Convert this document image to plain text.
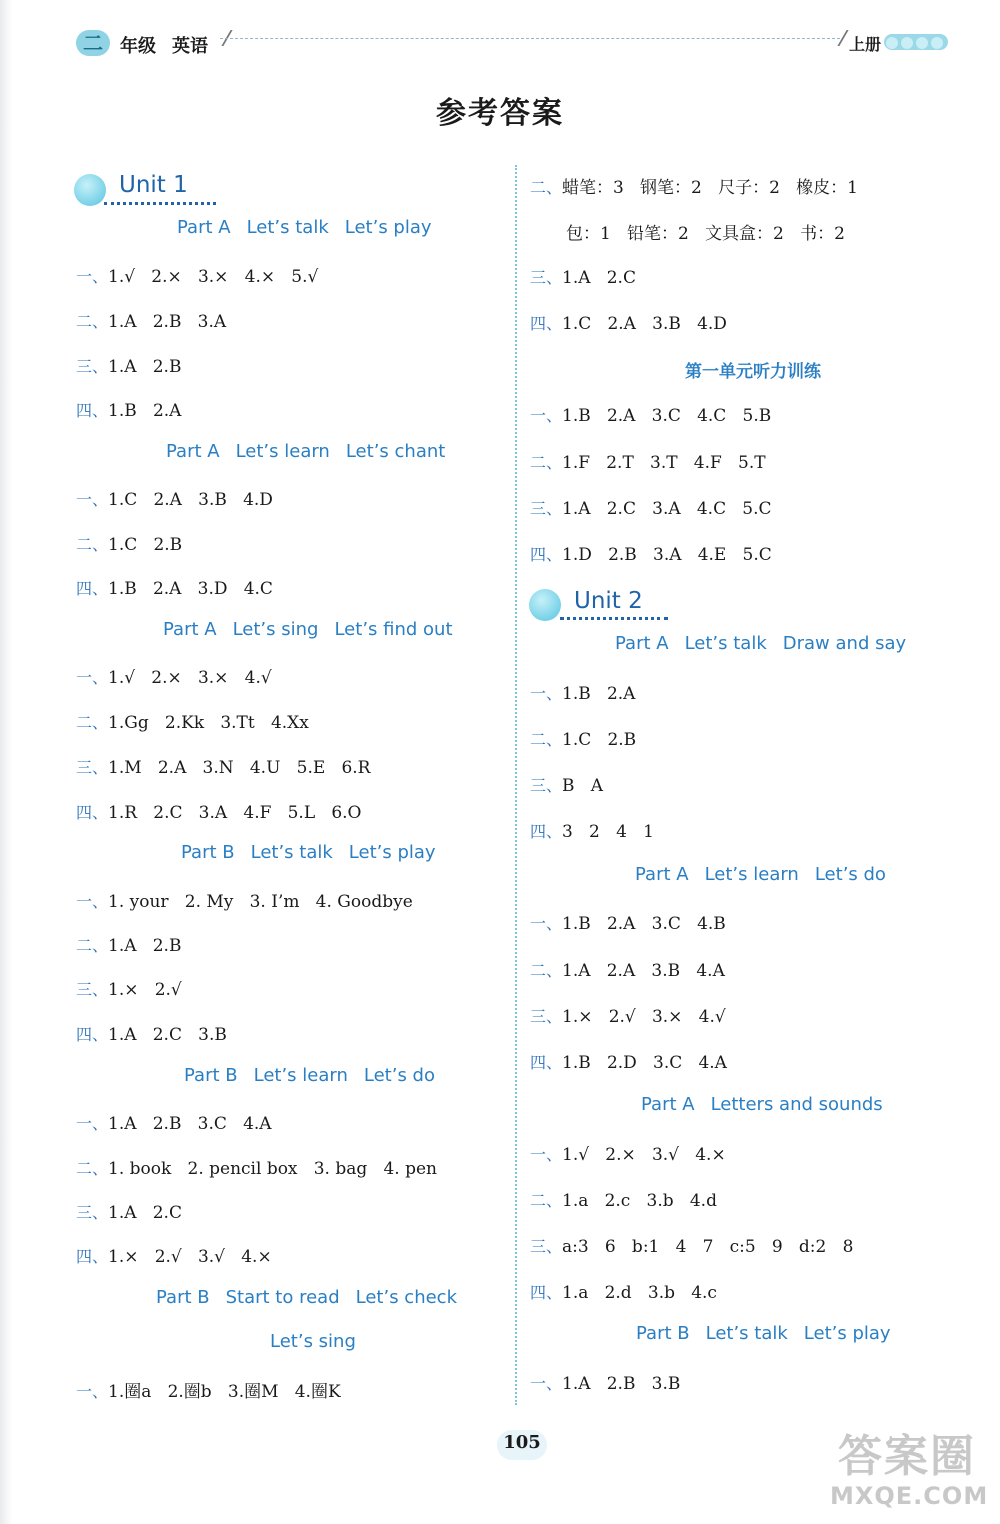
二 年级 英语	上册
参考答案
Unit 1
Part A Let’s talk Let’s play
一、1.√   2.×   3.×   4.×   5.√
二、1.A   2.B   3.A
三、1.A   2.B
四、1.B   2.A
Part A Let’s learn Let’s chant
一、1.C   2.A   3.B   4.D
二、1.C   2.B
四、1.B   2.A   3.D   4.C
Part A Let’s sing Let’s find out
一、1.√   2.×   3.×   4.√
二、1.Gg   2.Kk   3.Tt   4.Xx
三、1.M   2.A   3.N   4.U   5.E   6.R
四、1.R   2.C   3.A   4.F   5.L   6.O
Part B Let’s talk Let’s play
一、1. your   2. My   3. I’m   4. Goodbye
二、1.A   2.B
三、1.×   2.√
四、1.A   2.C   3.B
Part B Let’s learn Let’s do
一、1.A   2.B   3.C   4.A
二、1. book   2. pencil box   3. bag   4. pen
三、1.A   2.C
四、1.×   2.√   3.√   4.×
Part B Start to read Let’s check
Let’s sing
一、1.圈a   2.圈b   3.圈M   4.圈K
二、蜡笔：3   钢笔：2   尺子：2   橡皮：1
包：1   铅笔：2   文具盒：2   书：2
三、1.A   2.C
四、1.C   2.A   3.B   4.D
第一单元听力训练
一、1.B   2.A   3.C   4.C   5.B
二、1.F   2.T   3.T   4.F   5.T
三、1.A   2.C   3.A   4.C   5.C
四、1.D   2.B   3.A   4.E   5.C
Unit 2
Part A Let’s talk Draw and say
一、1.B   2.A
二、1.C   2.B
三、B   A
四、3   2   4   1
Part A Let’s learn Let’s do
一、1.B   2.A   3.C   4.B
二、1.A   2.A   3.B   4.A
三、1.×   2.√   3.×   4.√
四、1.B   2.D   3.C   4.A
Part A Letters and sounds
一、1.√   2.×   3.√   4.×
二、1.a   2.c   3.b   4.d
三、a:3   6   b:1   4   7   c:5   9   d:2   8
四、1.a   2.d   3.b   4.c
Part B Let’s talk Let’s play
一、1.A   2.B   3.B
105	答案圈
MXQE.COM
